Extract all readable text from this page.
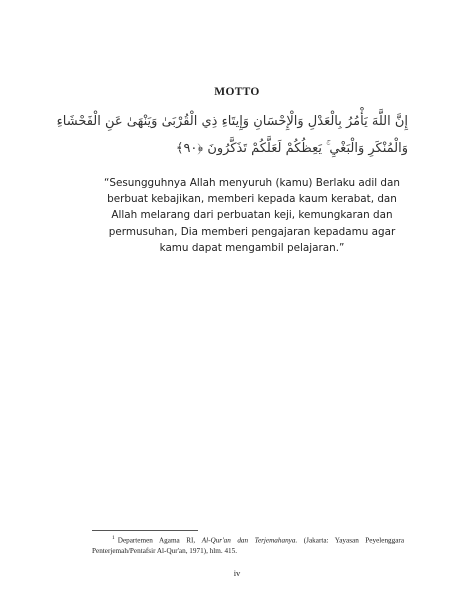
MOTTO
إِنَّ اللَّهَ يَأْمُرُ بِالْعَدْلِ وَالْإِحْسَانِ وَإِيتَاءِ ذِي الْقُرْبَىٰ وَيَنْهَىٰ عَنِ الْفَحْشَاءِ
وَالْمُنْكَرِ وَالْبَغْيِ ۚ يَعِظُكُمْ لَعَلَّكُمْ تَذَكَّرُونَ ﴿٩٠﴾
“Sesungguhnya Allah menyuruh (kamu) Berlaku adil dan berbuat kebajikan, memberi kepada kaum kerabat, dan Allah melarang dari perbuatan keji, kemungkaran dan permusuhan, Dia memberi pengajaran kepadamu agar kamu dapat mengambil pelajaran.”
$^1$ Departemen Agama RI, Al-Qur'an dan Terjemahanya. (Jakarta: Yayasan Peyelenggara Penterjemah/Pentafsir Al-Qur'an, 1971), hlm. 415.
iv
